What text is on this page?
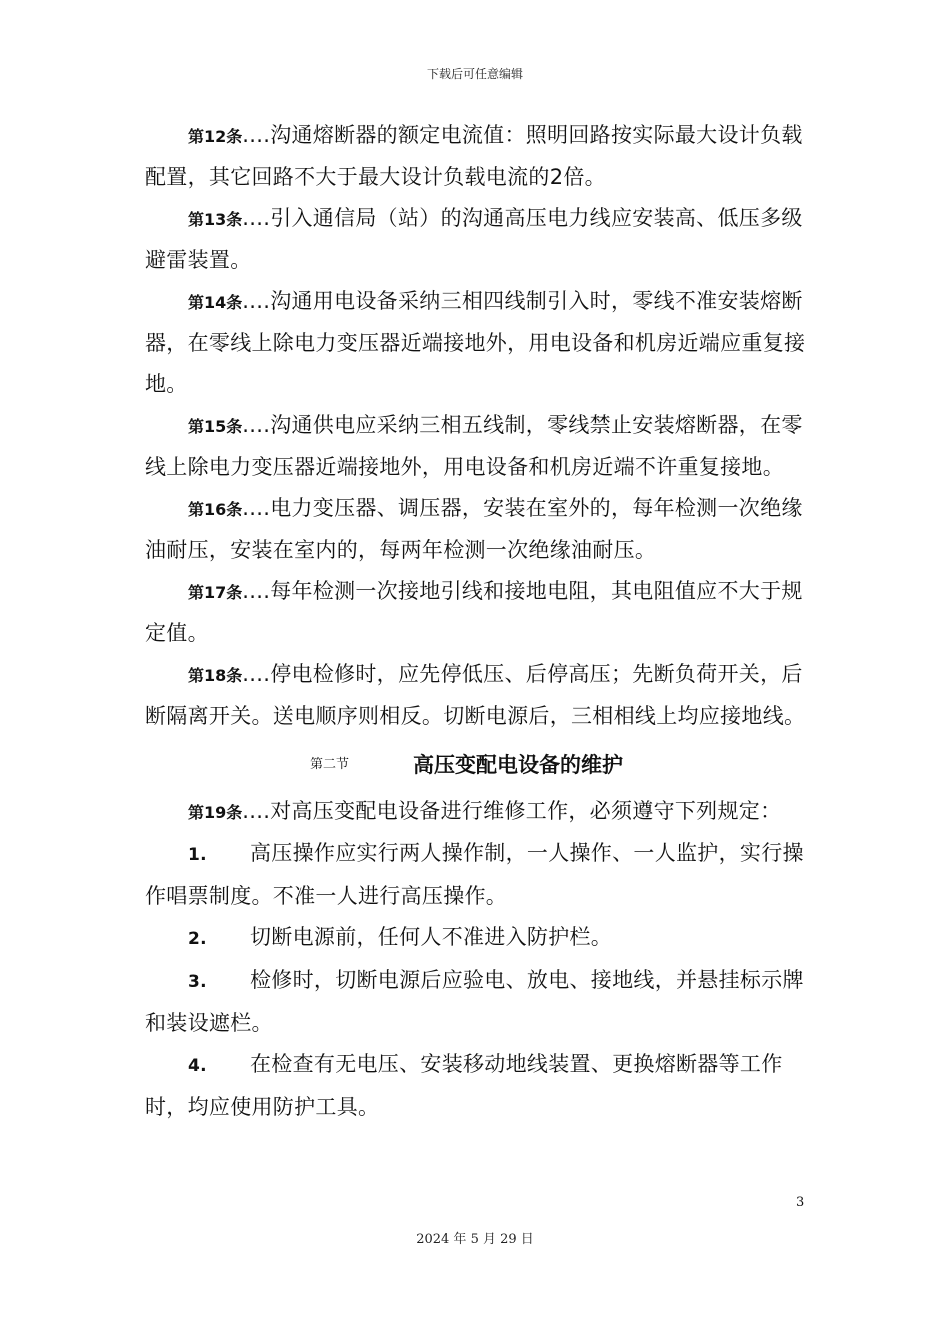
下载后可任意编辑

第12条....沟通熔断器的额定电流值：照明回路按实际最大设计负载配置，其它回路不大于最大设计负载电流的2倍。

第13条....引入通信局（站）的沟通高压电力线应安装高、低压多级避雷装置。

第14条....沟通用电设备采纳三相四线制引入时，零线不准安装熔断器，在零线上除电力变压器近端接地外，用电设备和机房近端应重复接地。

第15条....沟通供电应采纳三相五线制，零线禁止安装熔断器，在零线上除电力变压器近端接地外，用电设备和机房近端不许重复接地。

第16条....电力变压器、调压器，安装在室外的，每年检测一次绝缘油耐压，安装在室内的，每两年检测一次绝缘油耐压。

第17条....每年检测一次接地引线和接地电阻，其电阻值应不大于规定值。

第18条....停电检修时，应先停低压、后停高压；先断负荷开关，后断隔离开关。送电顺序则相反。切断电源后，三相相线上均应接地线。

第二节	高压变配电设备的维护

第19条....对高压变配电设备进行维修工作，必须遵守下列规定：

1. 高压操作应实行两人操作制，一人操作、一人监护，实行操作唱票制度。不准一人进行高压操作。

2. 切断电源前，任何人不准进入防护栏。

3. 检修时，切断电源后应验电、放电、接地线，并悬挂标示牌和装设遮栏。

4. 在检查有无电压、安装移动地线装置、更换熔断器等工作时，均应使用防护工具。

3
2024 年 5 月 29 日
